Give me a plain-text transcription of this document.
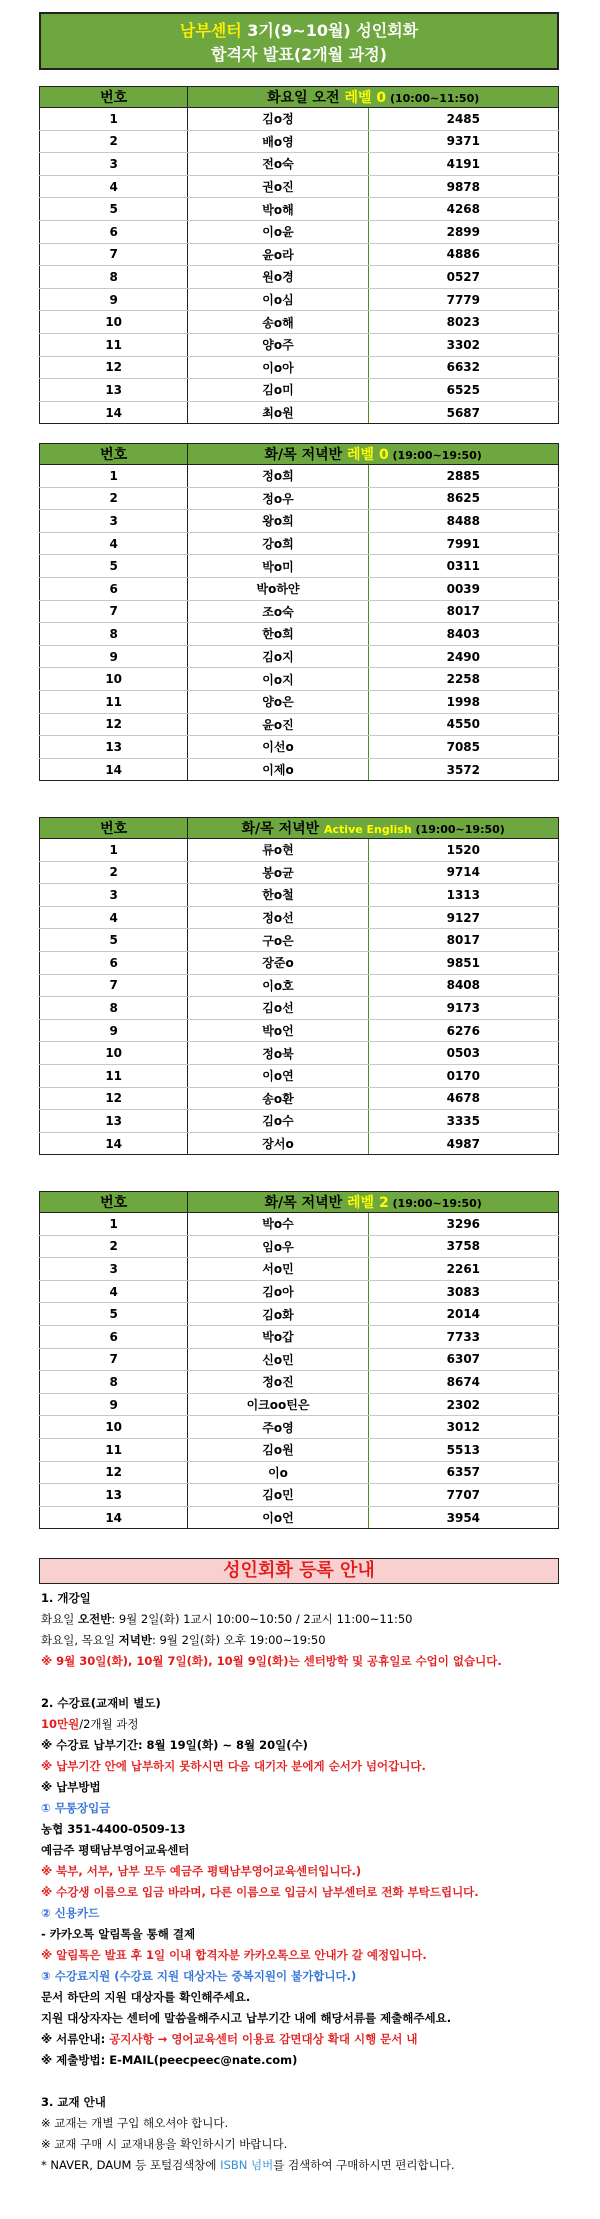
남부센터 3기(9~10월) 성인회화
합격자 발표(2개월 과정)
번호	화요일 오전 레벨 0 (10:00~11:50)	
1	김o정	2485
2	배o영	9371
3	전o숙	4191
4	권o진	9878
5	박o해	4268
6	이o윤	2899
7	윤o라	4886
8	원o경	0527
9	이o심	7779
10	송o해	8023
11	양o주	3302
12	이o아	6632
13	김o미	6525
14	최o원	5687
번호	화/목 저녁반 레벨 0 (19:00~19:50)	
1	정o희	2885
2	정o우	8625
3	왕o희	8488
4	강o희	7991
5	박o미	0311
6	박o하얀	0039
7	조o숙	8017
8	한o희	8403
9	김o지	2490
10	이o지	2258
11	양o은	1998
12	윤o진	4550
13	이선o	7085
14	이제o	3572
번호	화/목 저녁반 Active English (19:00~19:50)	
1	류o현	1520
2	봉o균	9714
3	한o철	1313
4	정o선	9127
5	구o은	8017
6	장준o	9851
7	이o호	8408
8	김o선	9173
9	박o언	6276
10	정o북	0503
11	이o연	0170
12	송o환	4678
13	김o수	3335
14	장서o	4987
번호	화/목 저녁반 레벨 2 (19:00~19:50)	
1	박o수	3296
2	임o우	3758
3	서o민	2261
4	김o아	3083
5	김o화	2014
6	박o갑	7733
7	신o민	6307
8	정o진	8674
9	이크oo틴은	2302
10	주o영	3012
11	김o원	5513
12	이o	6357
13	김o민	7707
14	이o언	3954
성인회화 등록 안내
1. 개강일
화요일 오전반: 9월 2일(화) 1교시 10:00~10:50 / 2교시 11:00~11:50
화요일, 목요일 저녁반: 9월 2일(화) 오후 19:00~19:50
※ 9월 30일(화), 10월 7일(화), 10월 9일(화)는 센터방학 및 공휴일로 수업이 없습니다.
2. 수강료(교재비 별도)
10만원/2개월 과정
※ 수강료 납부기간: 8월 19일(화) ~ 8월 20일(수)
※ 납부기간 안에 납부하지 못하시면 다음 대기자 분에게 순서가 넘어갑니다.
※ 납부방법
① 무통장입금
농협 351-4400-0509-13
예금주 평택남부영어교육센터
※ 북부, 서부, 남부 모두 예금주 평택남부영어교육센터입니다.)
※ 수강생 이름으로 입금 바라며, 다른 이름으로 입금시 남부센터로 전화 부탁드립니다.
② 신용카드
- 카카오톡 알림톡을 통해 결제
※ 알림톡은 발표 후 1일 이내 합격자분 카카오톡으로 안내가 갈 예정입니다.
③ 수강료지원 (수강료 지원 대상자는 중복지원이 불가합니다.)
문서 하단의 지원 대상자를 확인해주세요.
지원 대상자자는 센터에 말씀을해주시고 납부기간 내에 해당서류를 제출해주세요.
※ 서류안내: 공지사항 → 영어교육센터 이용료 감면대상 확대 시행 문서 내
※ 제출방법: E-MAIL(peecpeec@nate.com)
3. 교재 안내
※ 교재는 개별 구입 해오셔야 합니다.
※ 교재 구매 시 교재내용을 확인하시기 바랍니다.
* NAVER, DAUM 등 포털검색창에 ISBN 넘버를 검색하여 구매하시면 편리합니다.
